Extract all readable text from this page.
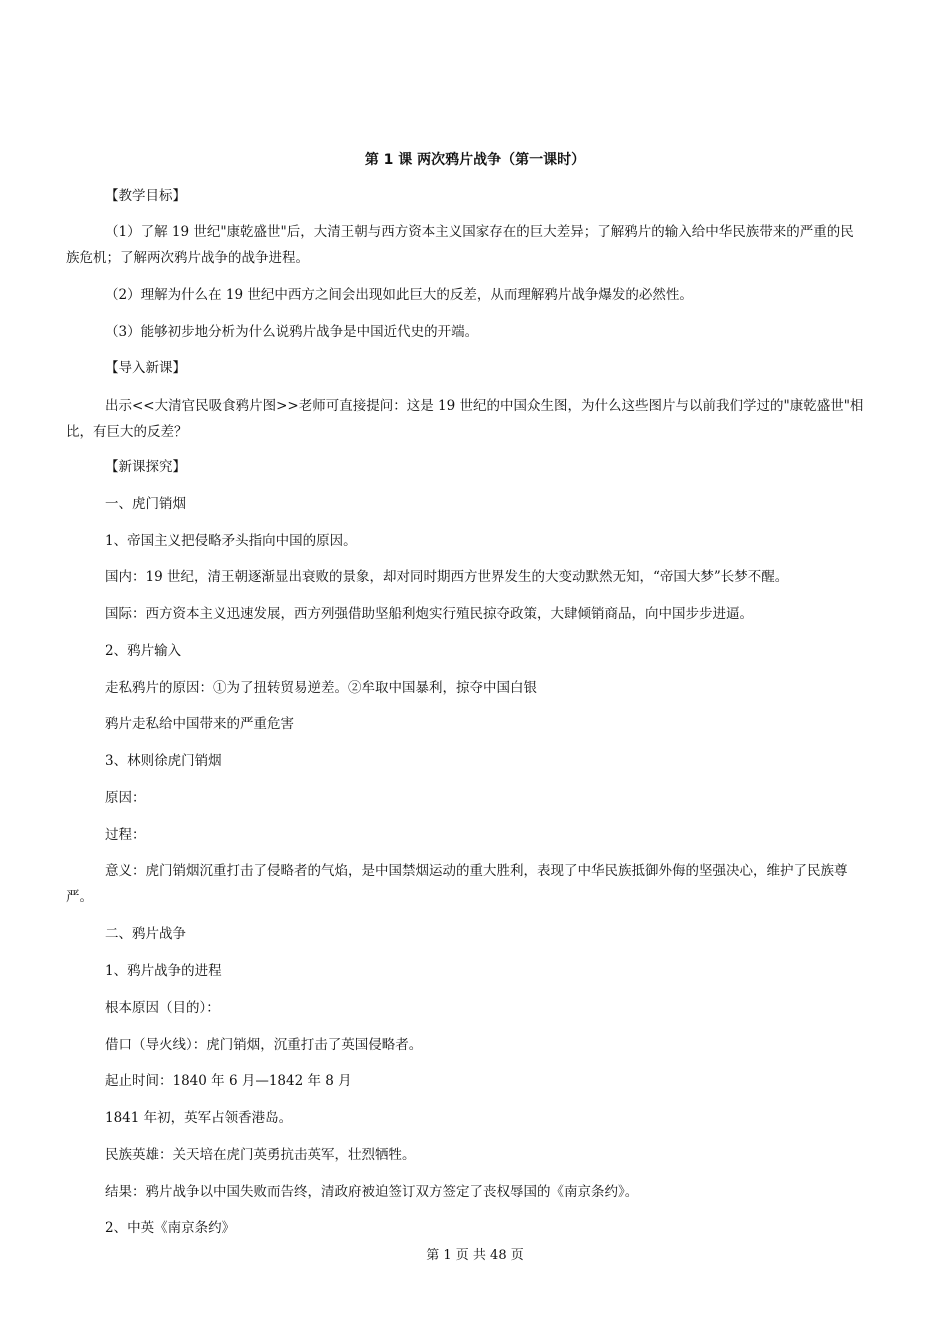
第 1 课 两次鸦片战争（第一课时）
【教学目标】
（1）了解 19 世纪"康乾盛世"后，大清王朝与西方资本主义国家存在的巨大差异；了解鸦片的输入给中华民族带来的严重的民
族危机；了解两次鸦片战争的战争进程。
（2）理解为什么在 19 世纪中西方之间会出现如此巨大的反差，从而理解鸦片战争爆发的必然性。
（3）能够初步地分析为什么说鸦片战争是中国近代史的开端。
【导入新课】
出示<<大清官民吸食鸦片图>>老师可直接提问：这是 19 世纪的中国众生图，为什么这些图片与以前我们学过的"康乾盛世"相
比，有巨大的反差？
【新课探究】
一、虎门销烟
1、帝国主义把侵略矛头指向中国的原因。
国内：19 世纪，清王朝逐渐显出衰败的景象，却对同时期西方世界发生的大变动默然无知，“帝国大梦”长梦不醒。
国际：西方资本主义迅速发展，西方列强借助坚船利炮实行殖民掠夺政策，大肆倾销商品，向中国步步进逼。
2、鸦片输入
走私鸦片的原因：①为了扭转贸易逆差。②牟取中国暴利，掠夺中国白银
鸦片走私给中国带来的严重危害
3、林则徐虎门销烟
原因：
过程：
意义：虎门销烟沉重打击了侵略者的气焰，是中国禁烟运动的重大胜利，表现了中华民族抵御外侮的坚强决心，维护了民族尊
严。
二、鸦片战争
1、鸦片战争的进程
根本原因（目的）：
借口（导火线）：虎门销烟，沉重打击了英国侵略者。
起止时间：1840 年 6 月—1842 年 8 月
1841 年初，英军占领香港岛。
民族英雄：关天培在虎门英勇抗击英军，壮烈牺牲。
结果：鸦片战争以中国失败而告终，清政府被迫签订双方签定了丧权辱国的《南京条约》。
2、中英《南京条约》
第 1 页 共 48 页
